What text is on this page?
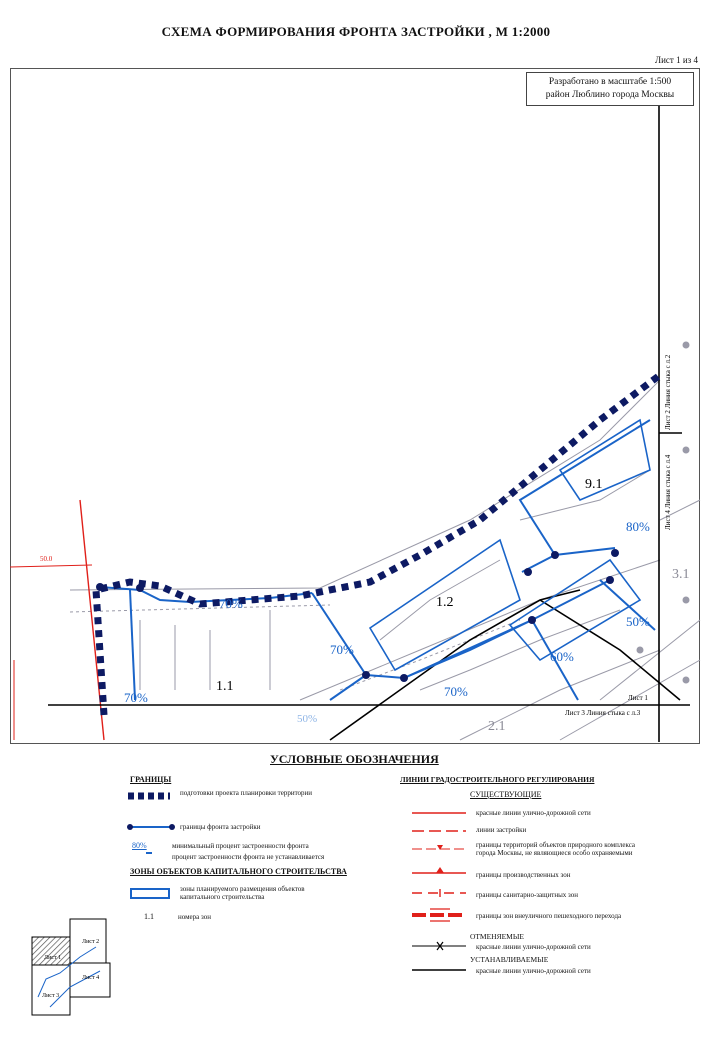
СХЕМА ФОРМИРОВАНИЯ ФРОНТА ЗАСТРОЙКИ , М 1:2000
Лист 1 из 4
1.1
1.2
9.1
3.1
2.1
70%
70%
70%
70%
80%
50%
60%
50%
50.0
Лист 2 Линия стыка с л.2
Лист 4 Линия стыка с л.4
Лист 1
Лист 3 Линия стыка с л.3
Разработано в масштабе 1:500
район Люблино города Москвы
УСЛОВНЫЕ ОБОЗНАЧЕНИЯ
ГРАНИЦЫ
подготовки проекта планировки территории
границы фронта застройки
80%	минимальный процент застроенности фронта
процент застроенности фронта не устанавливается
ЗОНЫ ОБЪЕКТОВ КАПИТАЛЬНОГО СТРОИТЕЛЬСТВА
зоны планируемого размещения объектов капитального строительства
1.1	номера зон
ЛИНИИ ГРАДОСТРОИТЕЛЬНОГО РЕГУЛИРОВАНИЯ
СУЩЕСТВУЮЩИЕ
красные линии улично-дорожной сети
линии застройки
границы территорий объектов природного комплекса города Москвы, не являющиеся особо охраняемыми
границы производственных зон
границы санитарно-защитных зон
границы зон внеуличного пешеходного перехода
ОТМЕНЯЕМЫЕ
красные линии улично-дорожной сети
УСТАНАВЛИВАЕМЫЕ
красные линии улично-дорожной сети
Лист 2
Лист 1
Лист 4
Лист 3
